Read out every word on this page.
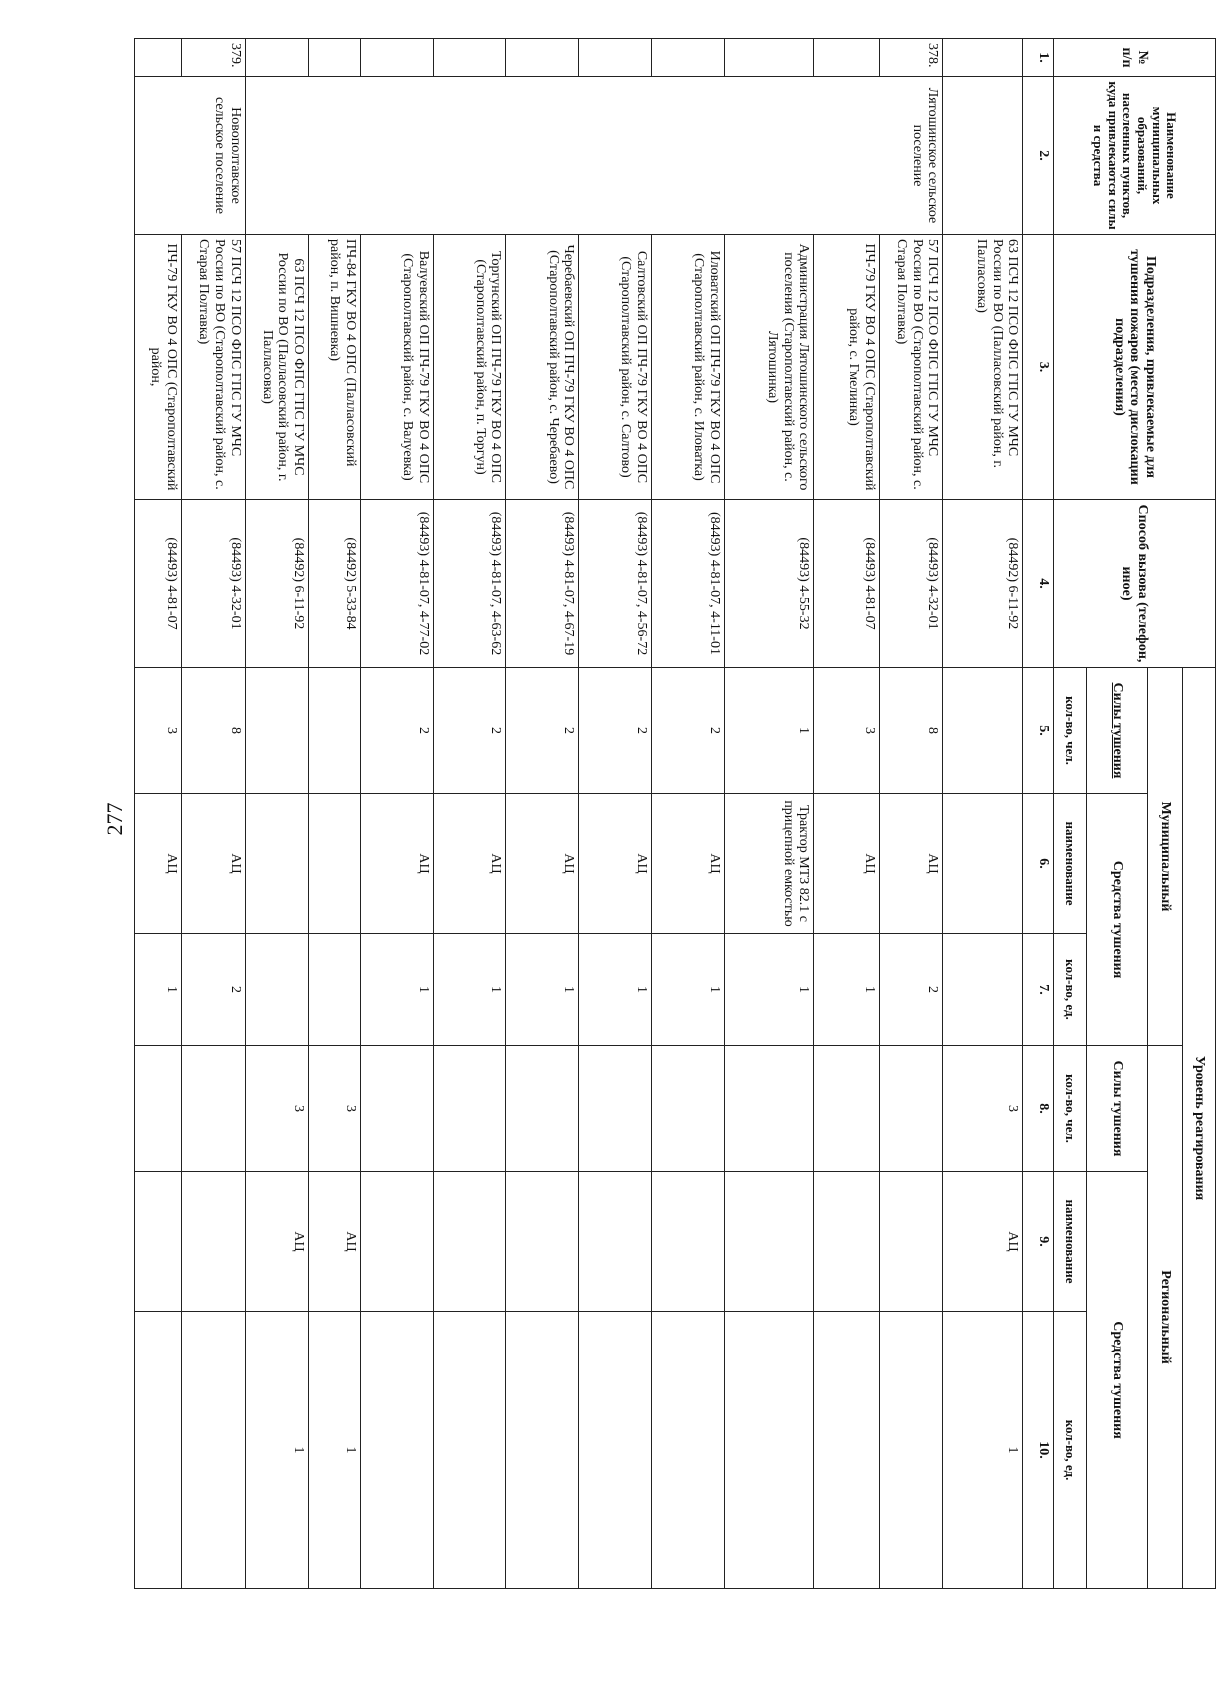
277
№ п/п	Наименование муниципальных образований, населенных пунктов, куда привлекаются силы и средства	Подразделения, привлекаемые для тушения пожаров (место дислокации подразделения)	Способ вызова (телефон, иное)	Уровень реагирования					
				Муниципальный			Региональный		
				Силы тушения	Средства тушения		Силы тушения	Средства тушения	
				кол-во, чел.	наименование	кол-во, ед.	кол-во, чел.	наименование	кол-во, ед.
1.	2.	3.	4.	5.	6.	7.	8.	9.	10.
		63 ПСЧ 12 ПСО ФПС ГПС ГУ МЧС России по ВО (Палласовский район, г. Палласовка)	(84492) 6-11-92				3	АЦ	1
378.	Лятошинское сельское поселение	57 ПСЧ 12 ПСО ФПС ГПС ГУ МЧС России по ВО (Старополтавский район, с. Старая Полтавка)	(84493) 4-32-01	8	АЦ	2			
		ПЧ-79 ГКУ ВО 4 ОПС (Старополтавский район, с. Гмелинка)	(84493) 4-81-07	3	АЦ	1			
		Администрация Лятошинского сельского поселения (Старополтавский район, с. Лятошинка)	(84493) 4-55-32	1	Трактор МТЗ 82.1 с прицепной емкостью	1			
		Иловатский ОП ПЧ-79 ГКУ ВО 4 ОПС (Старополтавский район, с. Иловатка)	(84493) 4-81-07, 4-11-01	2	АЦ	1			
		Салтовский ОП ПЧ-79 ГКУ ВО 4 ОПС (Старополтавский район, с. Салтово)	(84493) 4-81-07, 4-56-72	2	АЦ	1			
		Черебаевский ОП ПЧ-79 ГКУ ВО 4 ОПС (Старополтавский район, с. Черебаево)	(84493) 4-81-07, 4-67-19	2	АЦ	1			
		Торгунский ОП ПЧ-79 ГКУ ВО 4 ОПС (Старополтавский район, п. Торгун)	(84493) 4-81-07, 4-63-62	2	АЦ	1			
		Валуевский ОП ПЧ-79 ГКУ ВО 4 ОПС (Старополтавский район, с. Валуевка)	(84493) 4-81-07, 4-77-02	2	АЦ	1			
		ПЧ-84 ГКУ ВО 4 ОПС (Палласовский район, п. Вишневка)	(84492) 5-33-84				3	АЦ	1
		63 ПСЧ 12 ПСО ФПС ГПС ГУ МЧС России по ВО (Палласовский район, г. Палласовка)	(84492) 6-11-92				3	АЦ	1
379.	Новополтавское сельское поселение	57 ПСЧ 12 ПСО ФПС ГПС ГУ МЧС России по ВО (Старополтавский район, с. Старая Полтавка)	(84493) 4-32-01	8	АЦ	2			
		ПЧ-79 ГКУ ВО 4 ОПС (Старополтавский район,	(84493) 4-81-07	3	АЦ	1			
